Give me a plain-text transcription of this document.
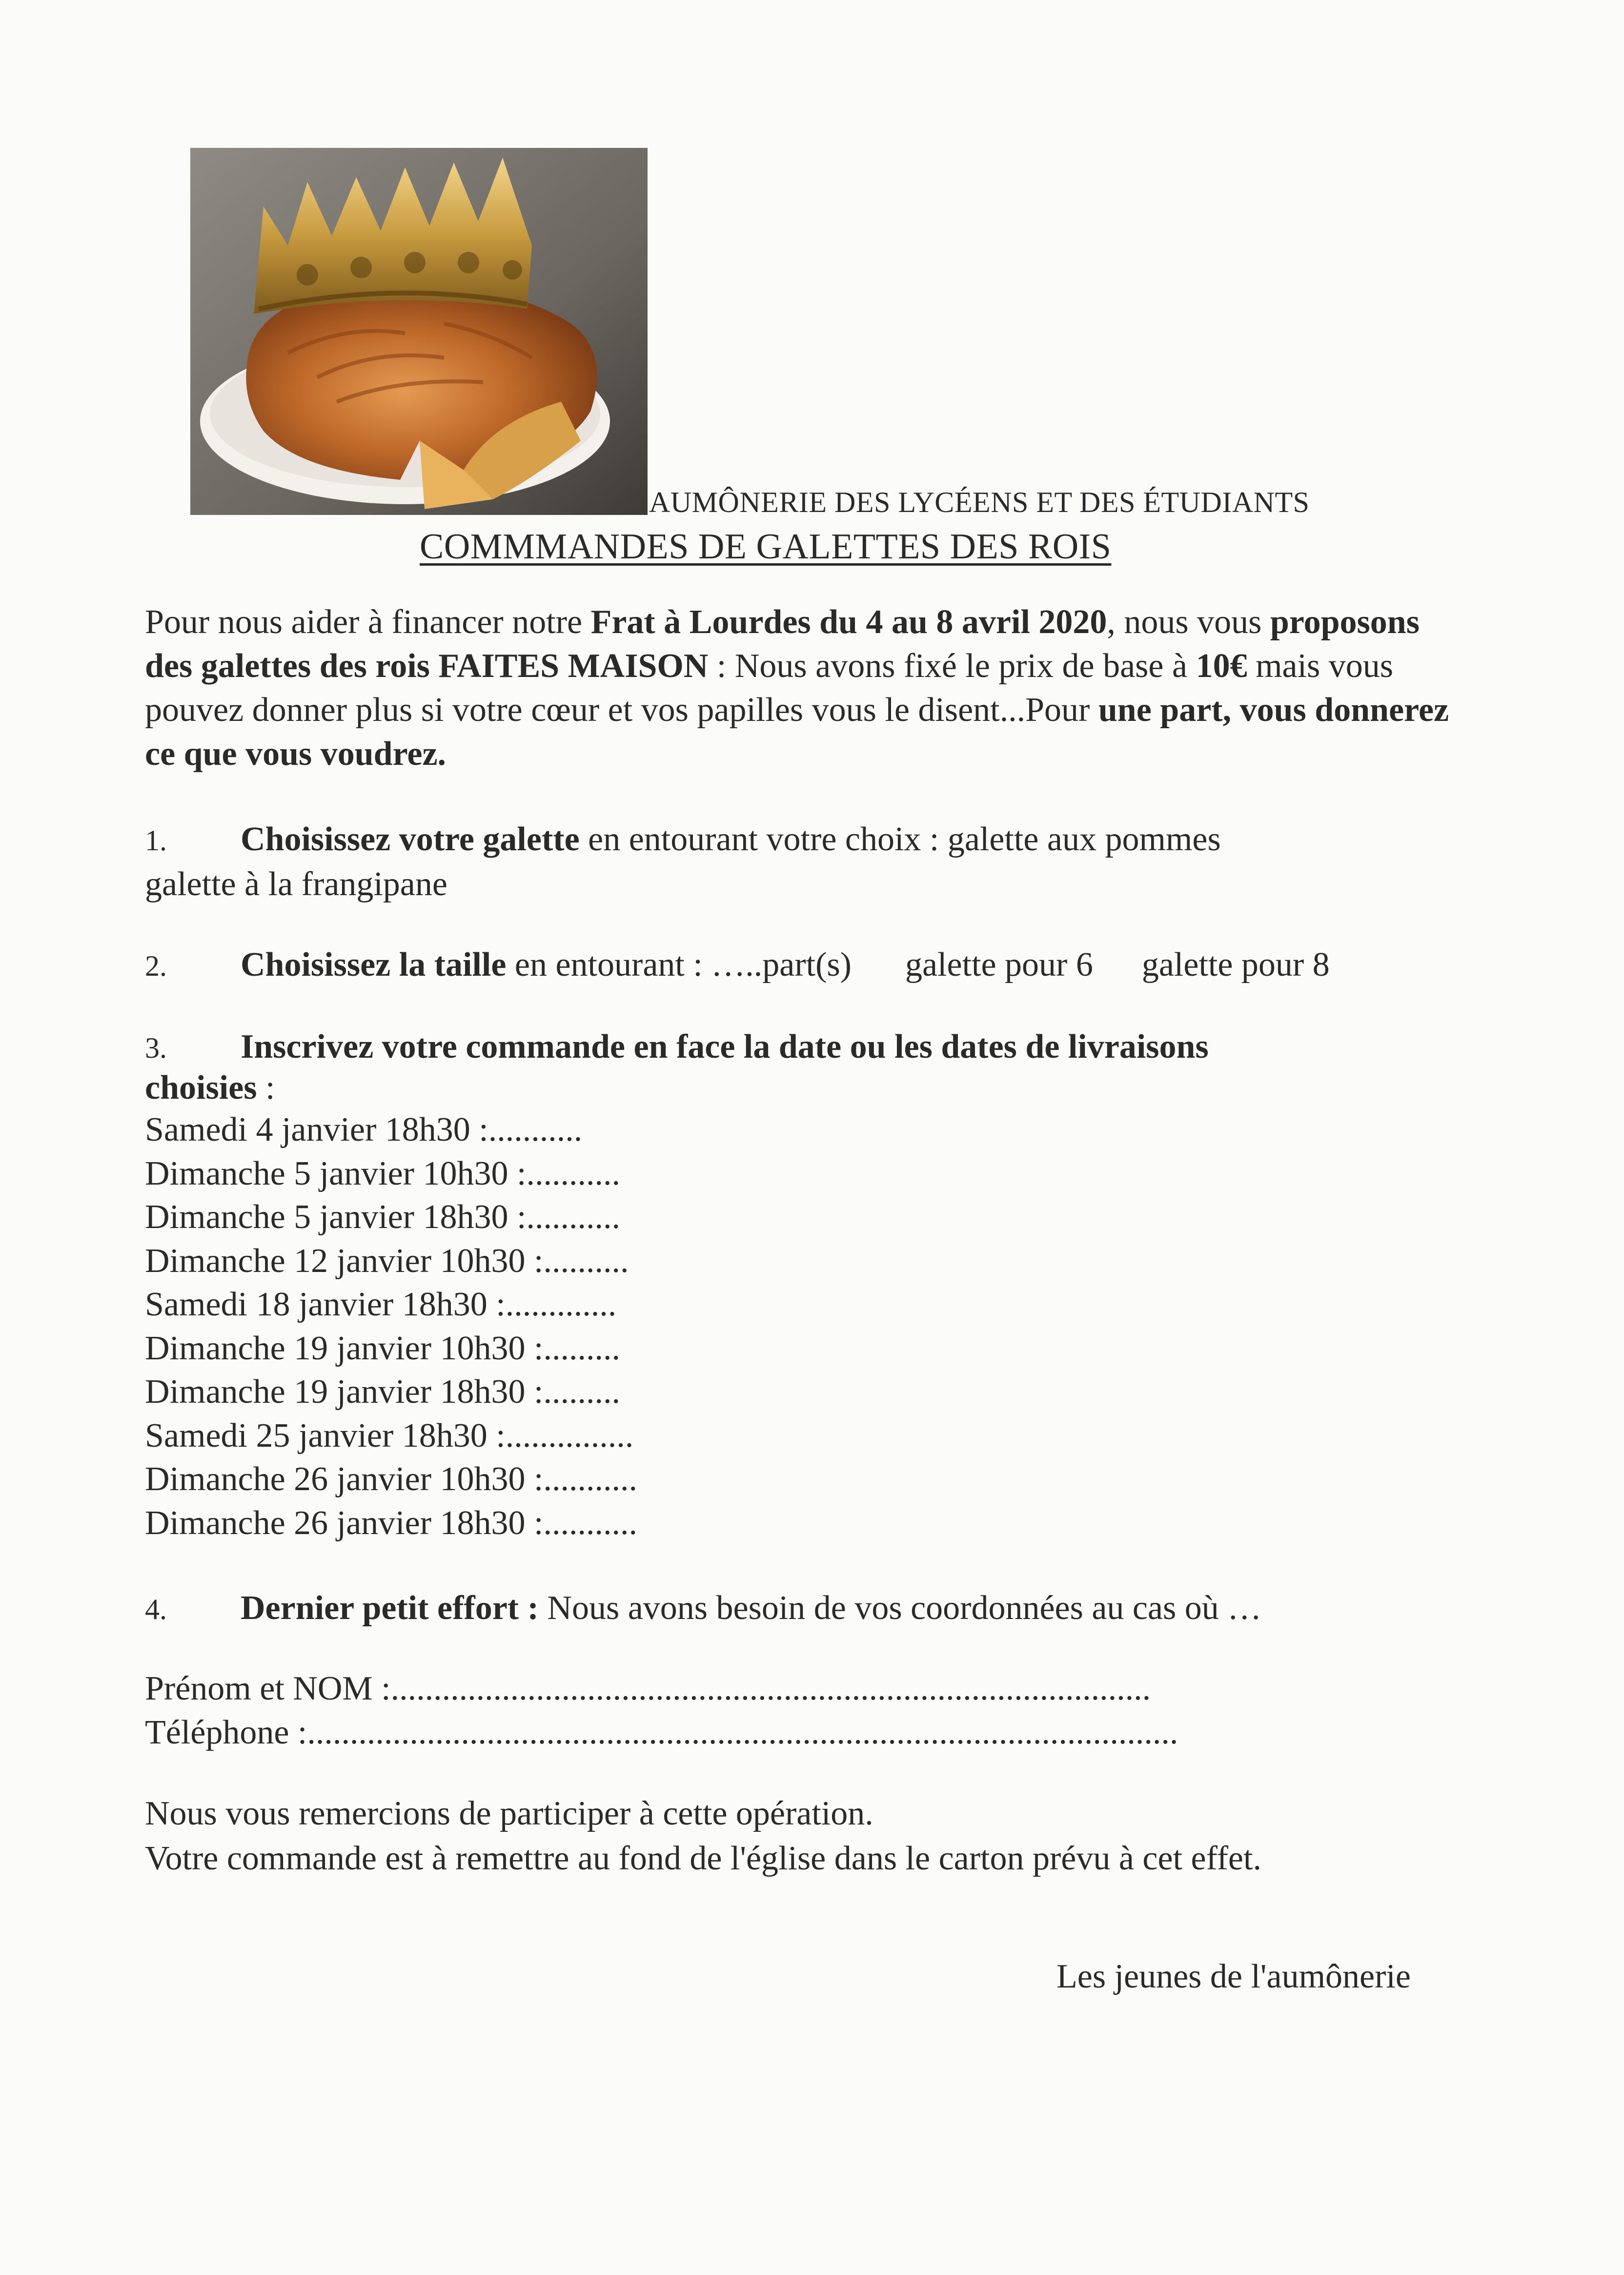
AUMÔNERIE DES LYCÉENS ET DES ÉTUDIANTS
COMMMANDES DE GALETTES DES ROIS
Pour nous aider à financer notre Frat à Lourdes du 4 au 8 avril 2020, nous vous proposons des galettes des rois FAITES MAISON : Nous avons fixé le prix de base à 10€ mais vous pouvez donner plus si votre cœur et vos papilles vous le disent...Pour une part, vous donnerez ce que vous voudrez.
1. Choisissez votre galette en entourant votre choix : galette aux pommes
galette à la frangipane
2. Choisissez la taille en entourant : …..part(s) galette pour 6 galette pour 8
3. Inscrivez votre commande en face la date ou les dates de livraisons
choisies :
Samedi 4 janvier 18h30 :...........
Dimanche 5 janvier 10h30 :...........
Dimanche 5 janvier 18h30 :...........
Dimanche 12 janvier 10h30 :..........
Samedi 18 janvier 18h30 :.............
Dimanche 19 janvier 10h30 :.........
Dimanche 19 janvier 18h30 :.........
Samedi 25 janvier 18h30 :...............
Dimanche 26 janvier 10h30 :...........
Dimanche 26 janvier 18h30 :...........
4. Dernier petit effort : Nous avons besoin de vos coordonnées au cas où …
Prénom et NOM :.........................................................................................
Téléphone :......................................................................................................
Nous vous remercions de participer à cette opération.
Votre commande est à remettre au fond de l'église dans le carton prévu à cet effet.
Les jeunes de l'aumônerie
